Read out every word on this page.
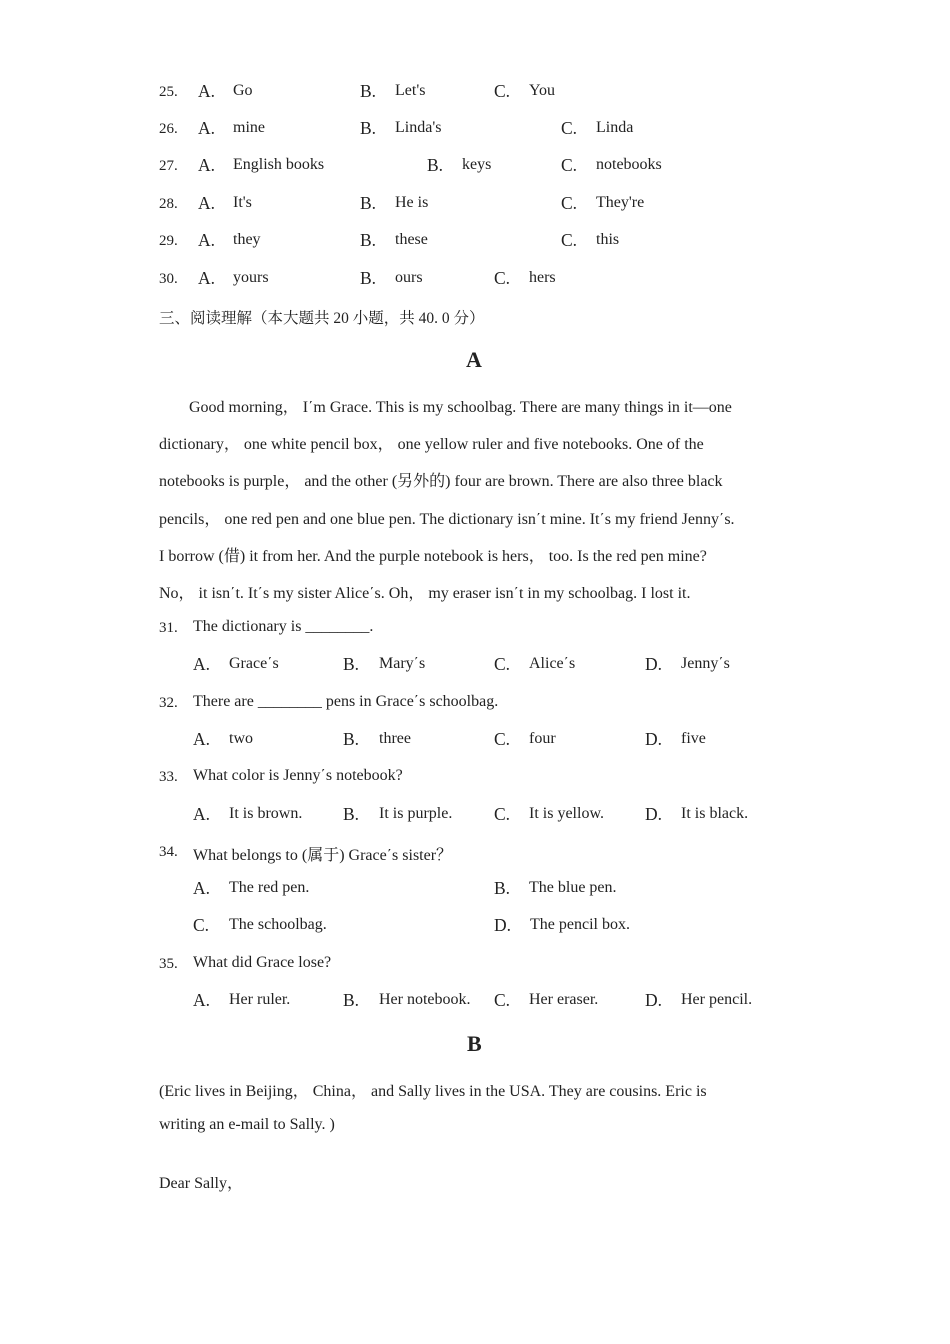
25. A. Go	B. Let's	C. You
26. A. mine	B. Linda's	C. Linda
27. A. English books	B. keys	C. notebooks
28. A. It's	B. He is	C. They're
29. A. they	B. these	C. this
30. A. yours	B. ours	C. hers
三、阅读理解（本大题共 20 小题，共 40. 0 分）
A
Good morning， I΄m Grace. This is my schoolbag. There are many things in it—one
dictionary， one white pencil box， one yellow ruler and five notebooks. One of the
notebooks is purple， and the other (另外的) four are brown. There are also three black
pencils， one red pen and one blue pen. The dictionary isn΄t mine. It΄s my friend Jenny΄s.
I borrow (借) it from her. And the purple notebook is hers， too. Is the red pen mine?
No， it isn΄t. It΄s my sister Alice΄s. Oh， my eraser isn΄t in my schoolbag. I lost it.
31. The dictionary is ________.
A. Grace΄s	B. Mary΄s	C. Alice΄s	D. Jenny΄s
32. There are ________ pens in Grace΄s schoolbag.
A. two	B. three	C. four	D. five
33. What color is Jenny΄s notebook?
A. It is brown. B. It is purple. C. It is yellow. D. It is black.
34. What belongs to (属于) Grace΄s sister？
A. The red pen.	B. The blue pen.
C. The schoolbag.	D. The pencil box.
35. What did Grace lose?
A. Her ruler.	B. Her notebook. C. Her eraser.	D. Her pencil.
B
(Eric lives in Beijing， China， and Sally lives in the USA. They are cousins. Eric is
writing an e-mail to Sally. )
Dear Sally，
